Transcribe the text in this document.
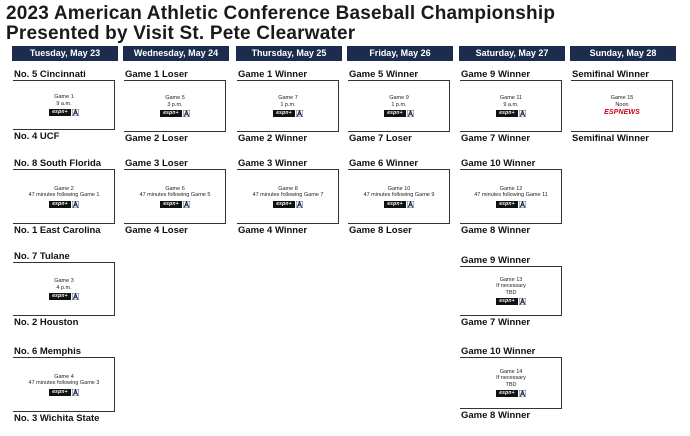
2023 American Athletic Conference Baseball Championship
Presented by Visit St. Pete Clearwater
Tuesday, May 23	Wednesday, May 24	Thursday, May 25	Friday, May 26	Saturday, May 27	Sunday, May 28
No. 5 Cincinnati
No. 4 UCF
Game 1
9 a.m.
espn+
No. 8 South Florida
No. 1 East Carolina
Game 2
47 minutes following Game 1
espn+
No. 7 Tulane
No. 2 Houston
Game 3
4 p.m.
espn+
No. 6 Memphis
No. 3 Wichita State
Game 4
47 minutes following Game 3
espn+
Game 1 Loser
Game 2 Loser
Game 5
3 p.m.
espn+
Game 3 Loser
Game 4 Loser
Game 6
47 minutes following Game 5
espn+
Game 1 Winner
Game 2 Winner
Game 7
1 p.m.
espn+
Game 3 Winner
Game 4 Winner
Game 8
47 minutes following Game 7
espn+
Game 5 Winner
Game 7 Loser
Game 9
1 p.m.
espn+
Game 6 Winner
Game 8 Loser
Game 10
47 minutes following Game 9
espn+
Game 9 Winner
Game 7 Winner
Game 11
9 a.m.
espn+
Game 10 Winner
Game 8 Winner
Game 12
47 minutes following Game 11
espn+
Game 9 Winner
Game 7 Winner
Game 13
If necessary
TBD
espn+
Game 10 Winner
Game 8 Winner
Game 14
If necessary
TBD
espn+
Semifinal Winner
Semifinal Winner
Game 15
Noon
ESPNEWS
